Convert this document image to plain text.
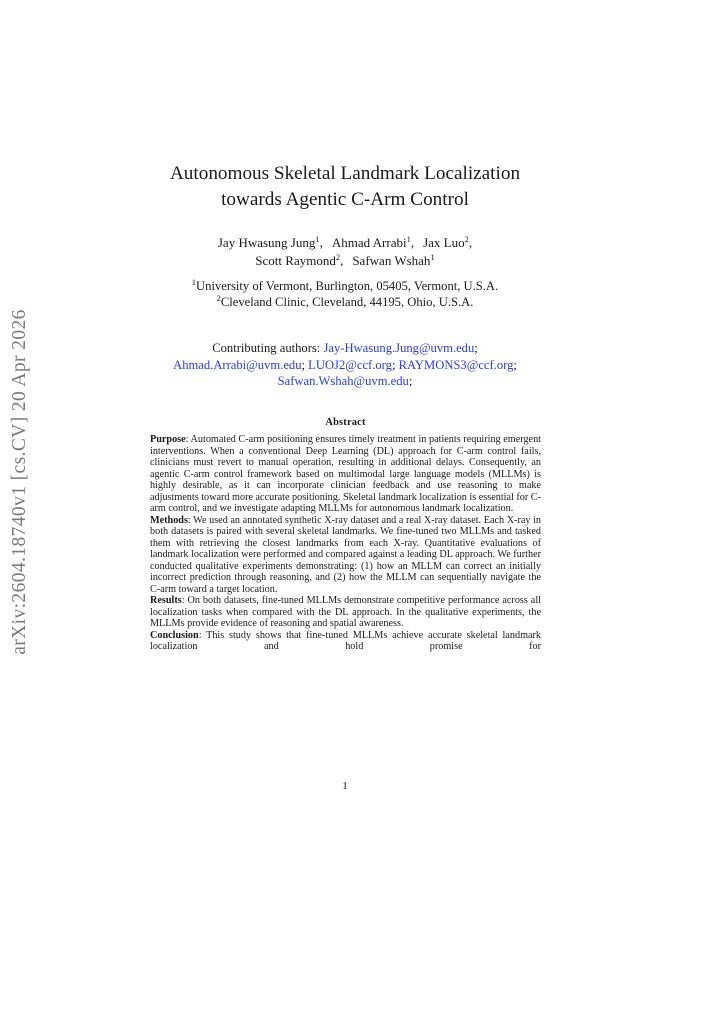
arXiv:2604.18740v1 [cs.CV] 20 Apr 2026
Autonomous Skeletal Landmark Localization
towards Agentic C-Arm Control
Jay Hwasung Jung$^1$, Ahmad Arrabi$^1$, Jax Luo$^2$,
Scott Raymond$^2$, Safwan Wshah$^1$
$^1$University of Vermont, Burlington, 05405, Vermont, U.S.A.
$^2$Cleveland Clinic, Cleveland, 44195, Ohio, U.S.A.
Contributing authors: Jay-Hwasung.Jung@uvm.edu;
Ahmad.Arrabi@uvm.edu; LUOJ2@ccf.org; RAYMONS3@ccf.org;
Safwan.Wshah@uvm.edu;
Abstract

Purpose: Automated C-arm positioning ensures timely treatment in patients requiring emergent interventions. When a conventional Deep Learning (DL) approach for C-arm control fails, clinicians must revert to manual operation, resulting in additional delays. Consequently, an agentic C-arm control framework based on multimodal large language models (MLLMs) is highly desirable, as it can incorporate clinician feedback and use reasoning to make adjustments toward more accurate positioning. Skeletal landmark localization is essential for C-arm control, and we investigate adapting MLLMs for autonomous landmark localization.

Methods: We used an annotated synthetic X-ray dataset and a real X-ray dataset. Each X-ray in both datasets is paired with several skeletal landmarks. We fine-tuned two MLLMs and tasked them with retrieving the closest landmarks from each X-ray. Quantitative evaluations of landmark localization were performed and compared against a leading DL approach. We further conducted qualitative experiments demonstrating: (1) how an MLLM can correct an initially incorrect prediction through reasoning, and (2) how the MLLM can sequentially navigate the C-arm toward a target location.

Results: On both datasets, fine-tuned MLLMs demonstrate competitive performance across all localization tasks when compared with the DL approach. In the qualitative experiments, the MLLMs provide evidence of reasoning and spatial awareness.

Conclusion: This study shows that fine-tuned MLLMs achieve accurate skeletal landmark localization and hold promise for

1
